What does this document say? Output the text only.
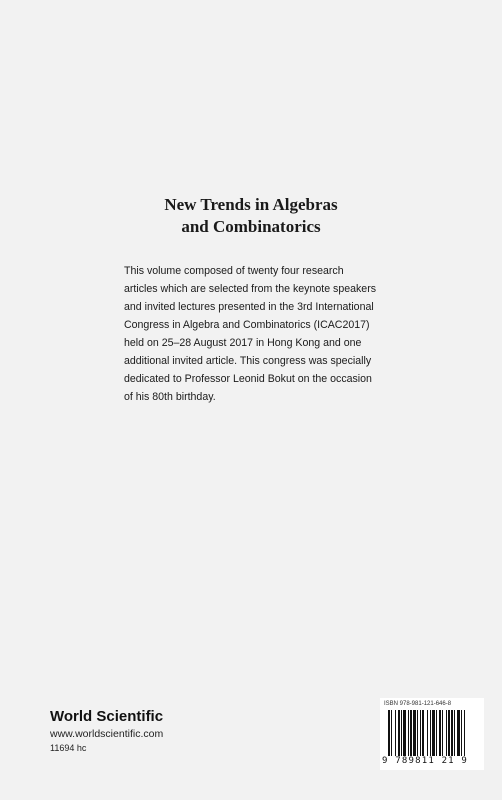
New Trends in Algebras
and Combinatorics
This volume composed of twenty four research
articles which are selected from the keynote speakers
and invited lectures presented in the 3rd International
Congress in Algebra and Combinatorics (ICAC2017)
held on 25–28 August 2017 in Hong Kong and one
additional invited article. This congress was specially
dedicated to Professor Leonid Bokut on the occasion
of his 80th birthday.
World Scientific
www.worldscientific.com
11694 hc
ISBN 978-981-121-646-8
9 789811 21 9
